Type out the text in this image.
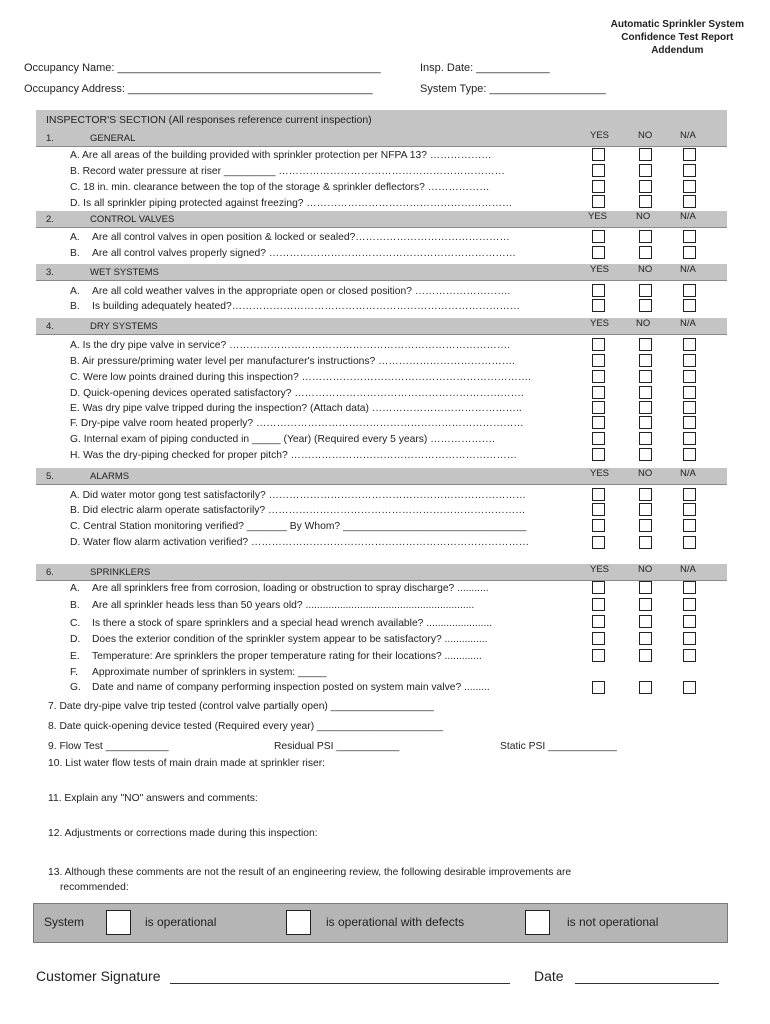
Automatic Sprinkler System
Confidence Test Report
Addendum
Occupancy Name: ___________________________________________	Insp. Date: ____________
Occupancy Address: ________________________________________	System Type: ___________________
INSPECTOR'S SECTION (All responses reference current inspection)
1.	GENERAL	YES	NO	N/A
A. Are all areas of the building provided with sprinkler protection per NFPA 13? ………………
B. Record water pressure at riser _________ …………………………………………………………
C. 18 in. min. clearance between the top of the storage & sprinkler deflectors? ………………
D. Is all sprinkler piping protected against freezing? ……………………………………………………
2.	CONTROL VALVES	YES	NO	N/A
A. Are all control valves in open position & locked or sealed?………………………………………
B. Are all control valves properly signed? ………………………………………………………………
3.	WET SYSTEMS	YES	NO	N/A
A. Are all cold weather valves in the appropriate open or closed position? ……………………….
B. Is building adequately heated?…………………………………………………………………………
4.	DRY SYSTEMS	YES	NO	N/A
A. Is the dry pipe valve in service? ……………………………………………………………………….
B. Air pressure/priming water level per manufacturer's instructions? ………………………………….
C. Were low points drained during this inspection? ………………………………………………………….
D. Quick-opening devices operated satisfactory? ………………………………………………………….
E. Was dry pipe valve tripped during the inspection? (Attach data) ……………………………………..
F. Dry-pipe valve room heated properly? ……………………………………………………………………
G. Internal exam of piping conducted in _____ (Year) (Required every 5 years) ……………….
H. Was the dry-piping checked for proper pitch? …………………………………………………………
5.	ALARMS	YES	NO	N/A
A. Did water motor gong test satisfactorily? …………………………………………………………………
B. Did electric alarm operate satisfactorily? …………………………………………………………………
C. Central Station monitoring verified? _______ By Whom? ________________________________
D. Water flow alarm activation verified? ………………………………………………………………………
6.	SPRINKLERS	YES	NO	N/A
A. Are all sprinklers free from corrosion, loading or obstruction to spray discharge? ...........
B. Are all sprinkler heads less than 50 years old? ...........................................................
C. Is there a stock of spare sprinklers and a special head wrench available? .......................
D. Does the exterior condition of the sprinkler system appear to be satisfactory? ...............
E. Temperature: Are sprinklers the proper temperature rating for their locations? .............
F. Approximate number of sprinklers in system: _____
G. Date and name of company performing inspection posted on system main valve? .........
7. Date dry-pipe valve trip tested (control valve partially open) __________________
8. Date quick-opening device tested (Required every year) ______________________
9. Flow Test ___________	Residual PSI ___________	Static PSI ____________
10. List water flow tests of main drain made at sprinkler riser:
11. Explain any "NO" answers and comments:
12. Adjustments or corrections made during this inspection:
13. Although these comments are not the result of an engineering review, the following desirable improvements are
recommended:
System	is operational	is operational with defects	is not operational
Customer Signature	Date
